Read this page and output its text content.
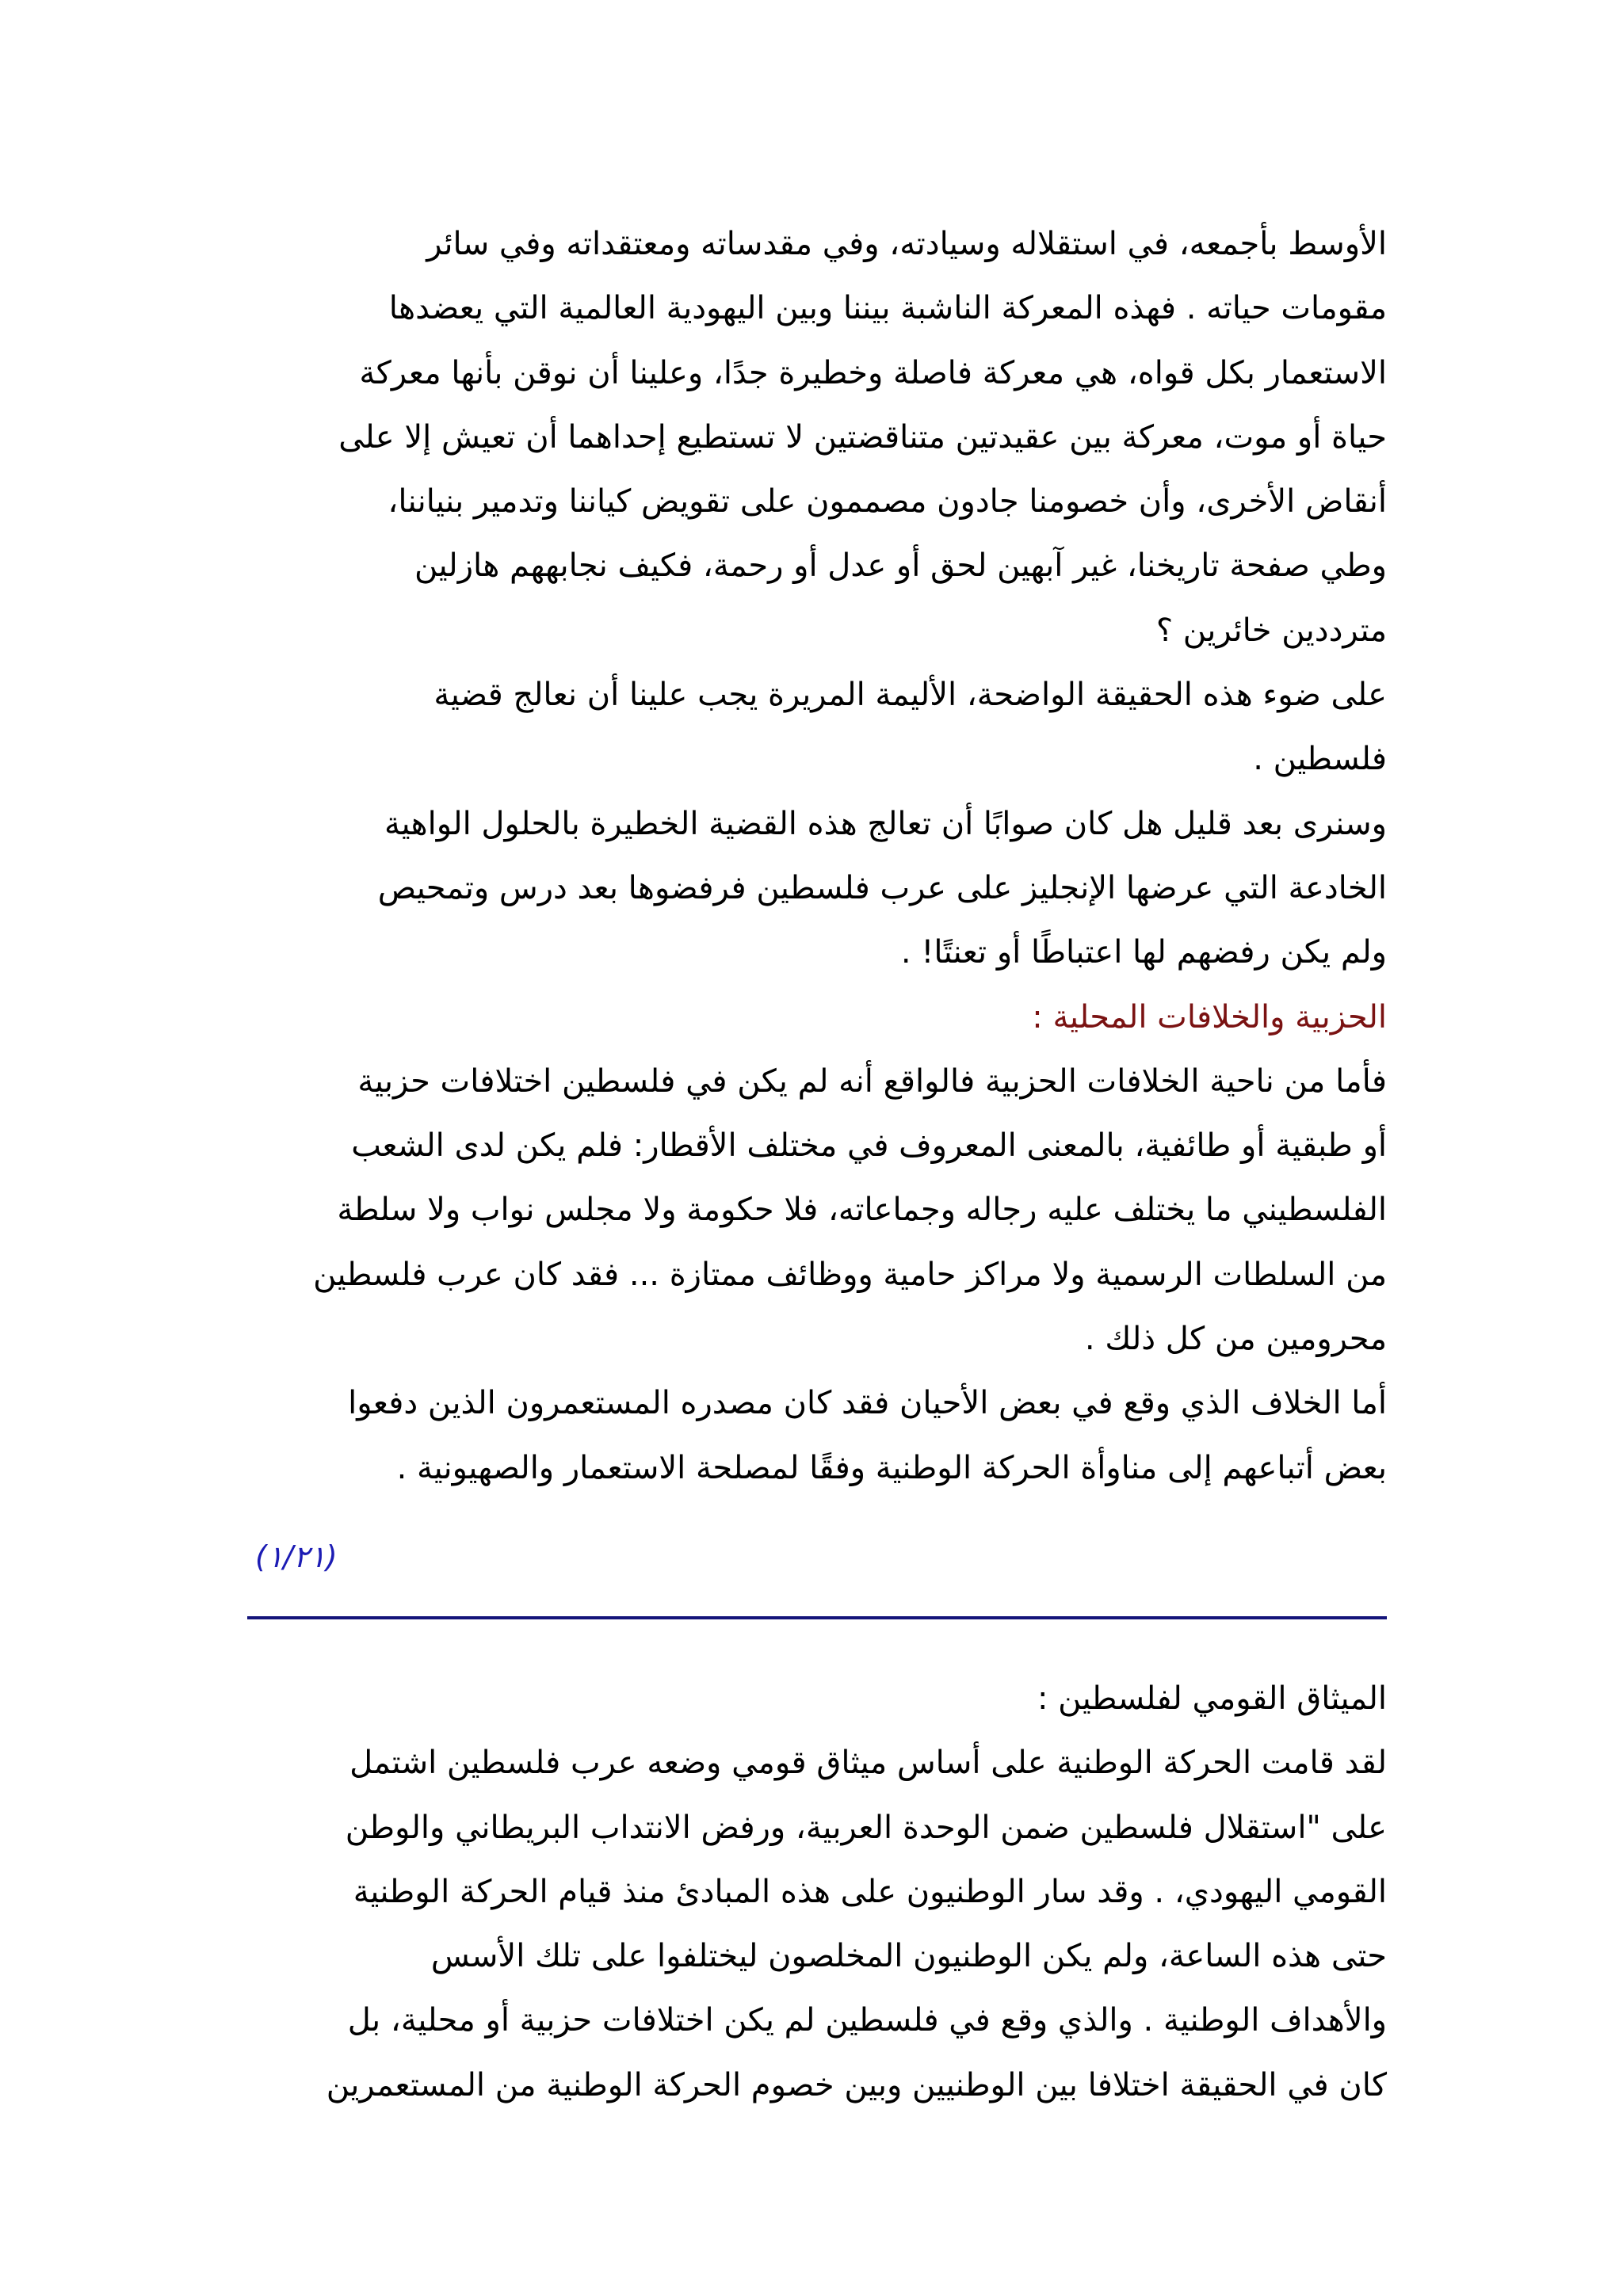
الأوسط بأجمعه، في استقلاله وسيادته، وفي مقدساته ومعتقداته وفي سائر
مقومات حياته . فهذه المعركة الناشبة بيننا وبين اليهودية العالمية التي يعضدها
الاستعمار بكل قواه، هي معركة فاصلة وخطيرة جدًا، وعلينا أن نوقن بأنها معركة
حياة أو موت، معركة بين عقيدتين متناقضتين لا تستطيع إحداهما أن تعيش إلا على
أنقاض الأخرى، وأن خصومنا جادون مصممون على تقويض كياننا وتدمير بنياننا،
وطي صفحة تاريخنا، غير آبهين لحق أو عدل أو رحمة، فكيف نجابههم هازلين
مترددين خائرين ؟
على ضوء هذه الحقيقة الواضحة، الأليمة المريرة يجب علينا أن نعالج قضية
فلسطين .
وسنرى بعد قليل هل كان صوابًا أن تعالج هذه القضية الخطيرة بالحلول الواهية
الخادعة التي عرضها الإنجليز على عرب فلسطين فرفضوها بعد درس وتمحيص
ولم يكن رفضهم لها اعتباطًا أو تعنتًا! .
الحزبية والخلافات المحلية :
فأما من ناحية الخلافات الحزبية فالواقع أنه لم يكن في فلسطين اختلافات حزبية
أو طبقية أو طائفية، بالمعنى المعروف في مختلف الأقطار: فلم يكن لدى الشعب
الفلسطيني ما يختلف عليه رجاله وجماعاته، فلا حكومة ولا مجلس نواب ولا سلطة
من السلطات الرسمية ولا مراكز حامية ووظائف ممتازة ... فقد كان عرب فلسطين
محرومين من كل ذلك .
أما الخلاف الذي وقع في بعض الأحيان فقد كان مصدره المستعمرون الذين دفعوا
بعض أتباعهم إلى مناوأة الحركة الوطنية وفقًا لمصلحة الاستعمار والصهيونية .
(١/٢١)
الميثاق القومي لفلسطين :
لقد قامت الحركة الوطنية على أساس ميثاق قومي وضعه عرب فلسطين اشتمل
على "استقلال فلسطين ضمن الوحدة العربية، ورفض الانتداب البريطاني والوطن
القومي اليهودي، . وقد سار الوطنيون على هذه المبادئ منذ قيام الحركة الوطنية
حتى هذه الساعة، ولم يكن الوطنيون المخلصون ليختلفوا على تلك الأسس
والأهداف الوطنية . والذي وقع في فلسطين لم يكن اختلافات حزبية أو محلية، بل
كان في الحقيقة اختلافا بين الوطنيين وبين خصوم الحركة الوطنية من المستعمرين
